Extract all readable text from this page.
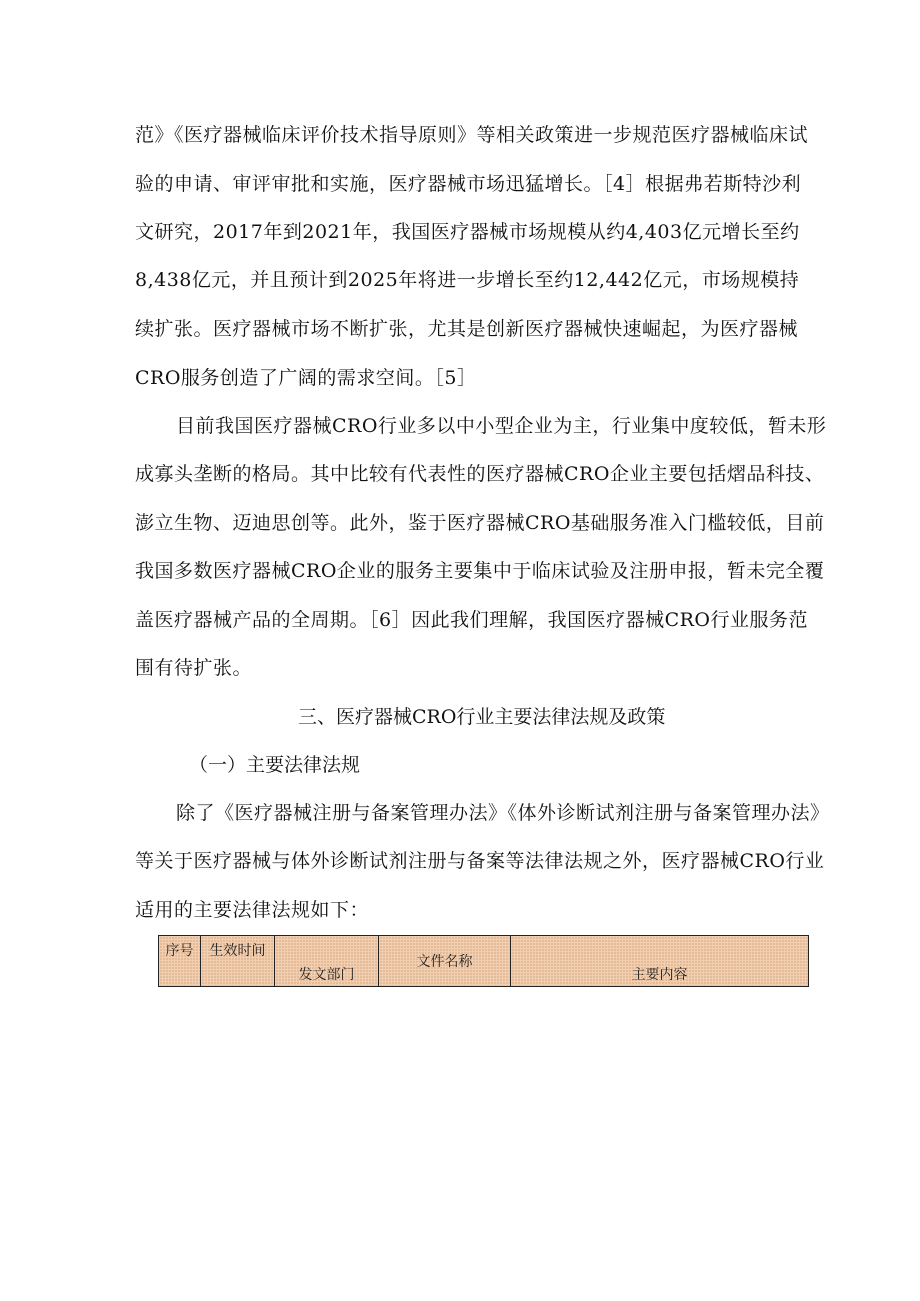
范》《医疗器械临床评价技术指导原则》等相关政策进一步规范医疗器械临床试
验的申请、审评审批和实施，医疗器械市场迅猛增长。［4］根据弗若斯特沙利
文研究，2017年到2021年，我国医疗器械市场规模从约4,403亿元增长至约
8,438亿元，并且预计到2025年将进一步增长至约12,442亿元，市场规模持
续扩张。医疗器械市场不断扩张，尤其是创新医疗器械快速崛起，为医疗器械
CRO服务创造了广阔的需求空间。［5］
目前我国医疗器械CRO行业多以中小型企业为主，行业集中度较低，暂未形
成寡头垄断的格局。其中比较有代表性的医疗器械CRO企业主要包括熠品科技、
澎立生物、迈迪思创等。此外，鉴于医疗器械CRO基础服务准入门槛较低，目前
我国多数医疗器械CRO企业的服务主要集中于临床试验及注册申报，暂未完全覆
盖医疗器械产品的全周期。［6］因此我们理解，我国医疗器械CRO行业服务范
围有待扩张。
三、医疗器械CRO行业主要法律法规及政策
（一）主要法律法规
除了《医疗器械注册与备案管理办法》《体外诊断试剂注册与备案管理办法》
等关于医疗器械与体外诊断试剂注册与备案等法律法规之外，医疗器械CRO行业
适用的主要法律法规如下：
序号	生效时间	发文部门	文件名称	主要内容
